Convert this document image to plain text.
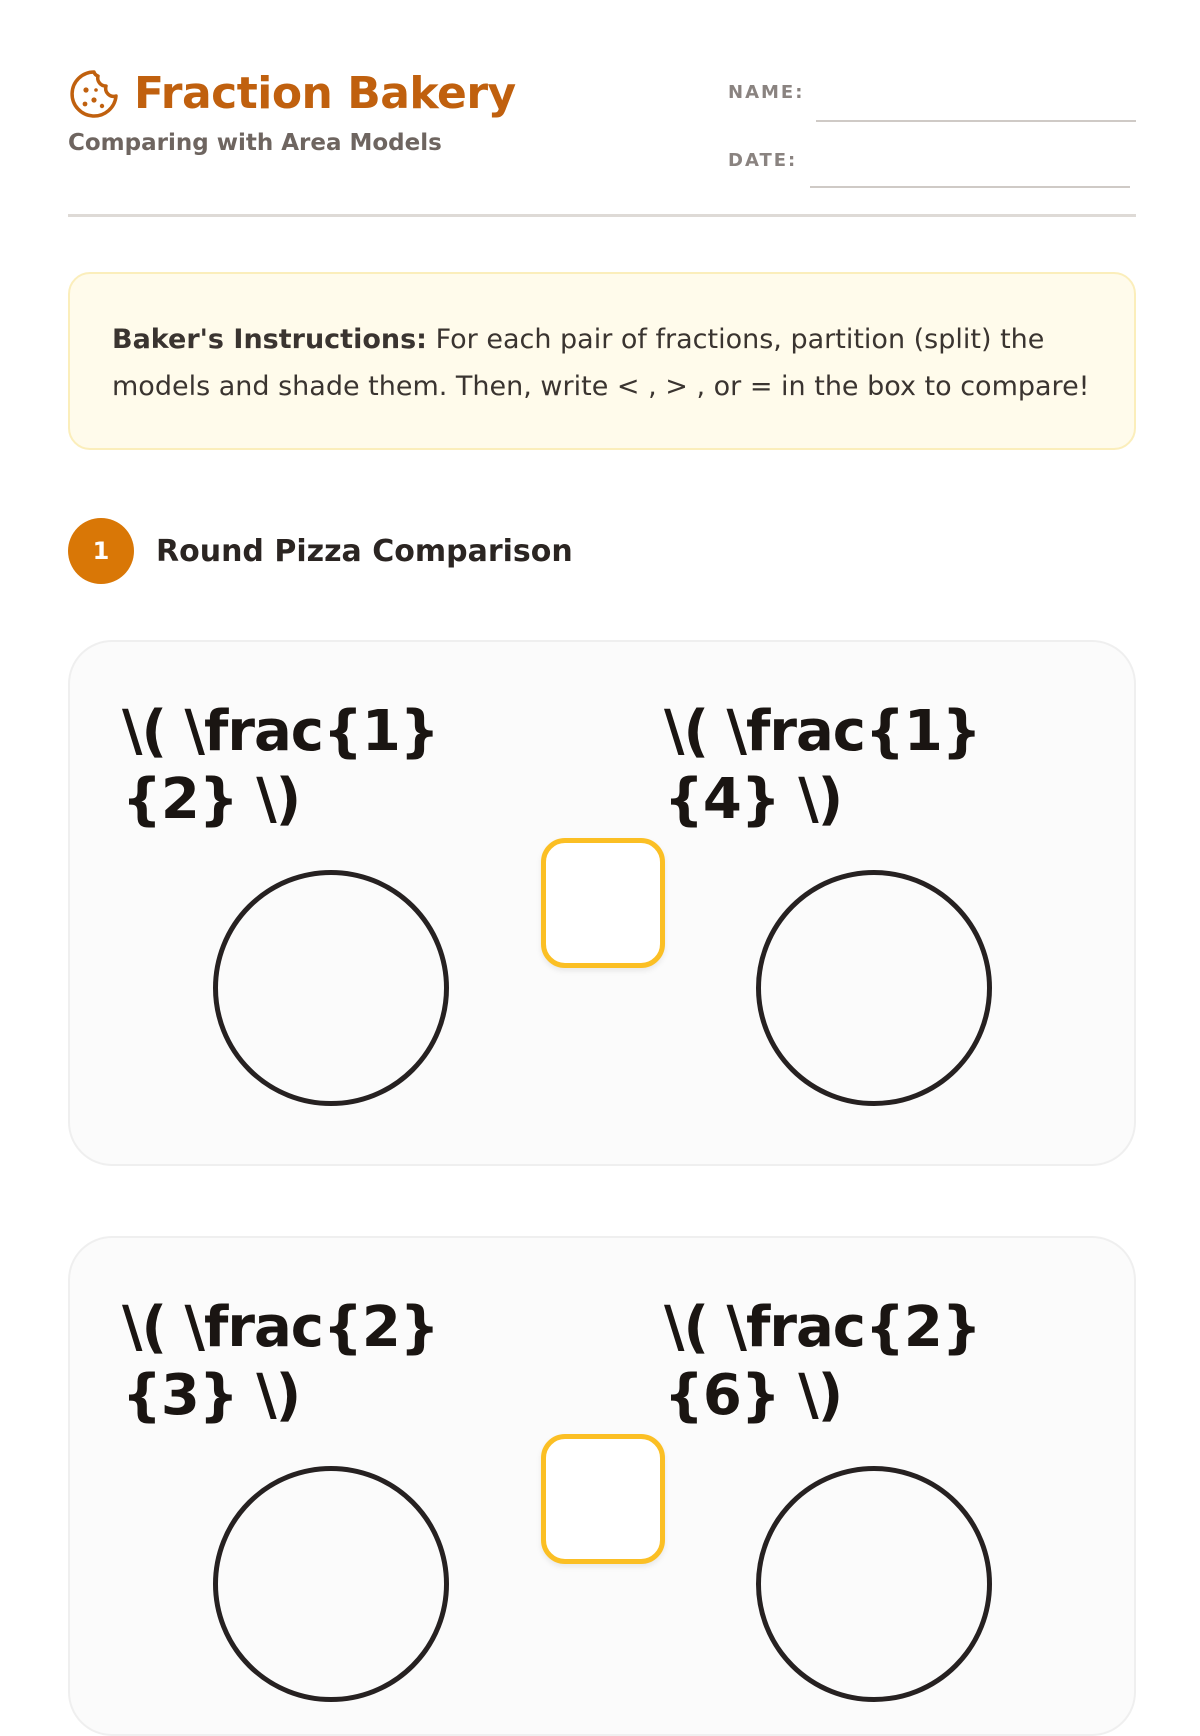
Fraction Bakery
Comparing with Area Models
NAME:
DATE:
Baker's Instructions: For each pair of fractions, partition (split) the models and shade them. Then, write < , > , or = in the box to compare!
1	Round Pizza Comparison
\( \frac{1}{2} \)
\( \frac{1}{4} \)
\( \frac{2}{3} \)
\( \frac{2}{6} \)
